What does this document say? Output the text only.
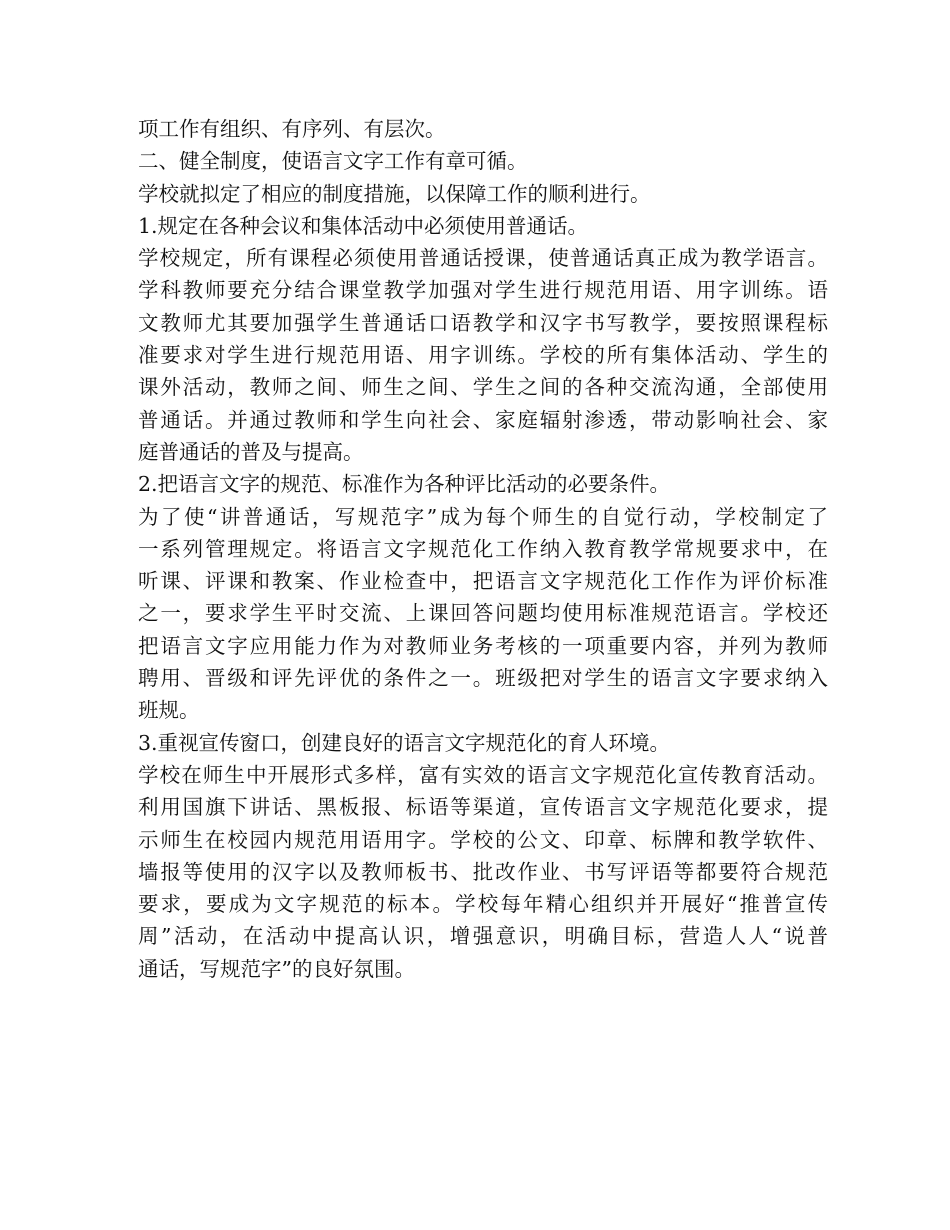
项工作有组织、有序列、有层次。

二、健全制度，使语言文字工作有章可循。

学校就拟定了相应的制度措施，以保障工作的顺利进行。

1.规定在各种会议和集体活动中必须使用普通话。

学校规定，所有课程必须使用普通话授课，使普通话真正成为教学语言。
学科教师要充分结合课堂教学加强对学生进行规范用语、用字训练。语
文教师尤其要加强学生普通话口语教学和汉字书写教学，要按照课程标
准要求对学生进行规范用语、用字训练。学校的所有集体活动、学生的
课外活动，教师之间、师生之间、学生之间的各种交流沟通，全部使用
普通话。并通过教师和学生向社会、家庭辐射渗透，带动影响社会、家
庭普通话的普及与提高。

2.把语言文字的规范、标准作为各种评比活动的必要条件。

为了使“讲普通话，写规范字”成为每个师生的自觉行动，学校制定了
一系列管理规定。将语言文字规范化工作纳入教育教学常规要求中，在
听课、评课和教案、作业检查中，把语言文字规范化工作作为评价标准
之一，要求学生平时交流、上课回答问题均使用标准规范语言。学校还
把语言文字应用能力作为对教师业务考核的一项重要内容，并列为教师
聘用、晋级和评先评优的条件之一。班级把对学生的语言文字要求纳入
班规。

3.重视宣传窗口，创建良好的语言文字规范化的育人环境。

学校在师生中开展形式多样，富有实效的语言文字规范化宣传教育活动。
利用国旗下讲话、黑板报、标语等渠道，宣传语言文字规范化要求，提
示师生在校园内规范用语用字。学校的公文、印章、标牌和教学软件、
墙报等使用的汉字以及教师板书、批改作业、书写评语等都要符合规范
要求，要成为文字规范的标本。学校每年精心组织并开展好“推普宣传
周”活动，在活动中提高认识，增强意识，明确目标，营造人人“说普
通话，写规范字”的良好氛围。
